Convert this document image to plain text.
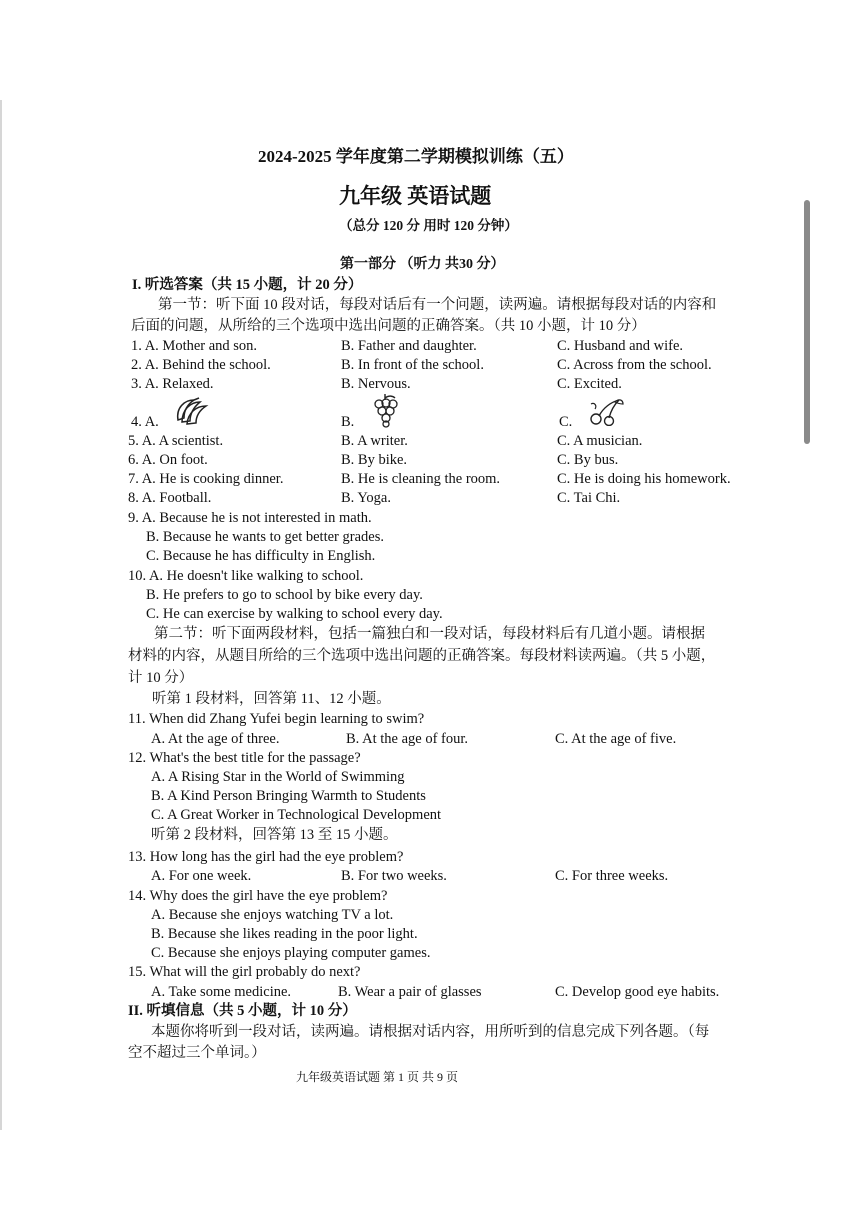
2024-2025 学年度第二学期模拟训练（五）
九年级 英语试题
（总分 120 分 用时 120 分钟）
第一部分 （听力 共30 分）
I. 听选答案（共 15 小题，计 20 分）
第一节：听下面 10 段对话，每段对话后有一个问题，读两遍。请根据每段对话的内容和
后面的问题，从所给的三个选项中选出问题的正确答案。（共 10 小题，计 10 分）
1. A. Mother and son.	B. Father and daughter.	C. Husband and wife.
2. A. Behind the school.	B. In front of the school.	C. Across from the school.
3. A. Relaxed.	B. Nervous.	C. Excited.
4. A.	B.	C.
5. A. A scientist.	B. A writer.	C. A musician.
6. A. On foot.	B. By bike.	C. By bus.
7. A. He is cooking dinner.	B. He is cleaning the room.	C. He is doing his homework.
8. A. Football.	B. Yoga.	C. Tai Chi.
9. A. Because he is not interested in math.
B. Because he wants to get better grades.
C. Because he has difficulty in English.
10. A. He doesn't like walking to school.
B. He prefers to go to school by bike every day.
C. He can exercise by walking to school every day.
第二节：听下面两段材料，包括一篇独白和一段对话，每段材料后有几道小题。请根据
材料的内容，从题目所给的三个选项中选出问题的正确答案。每段材料读两遍。（共 5 小题，
计 10 分）
听第 1 段材料，回答第 11、12 小题。
11. When did Zhang Yufei begin learning to swim?
A. At the age of three.	B. At the age of four.	C. At the age of five.
12. What's the best title for the passage?
A. A Rising Star in the World of Swimming
B. A Kind Person Bringing Warmth to Students
C. A Great Worker in Technological Development
听第 2 段材料，回答第 13 至 15 小题。
13. How long has the girl had the eye problem?
A. For one week.	B. For two weeks.	C. For three weeks.
14. Why does the girl have the eye problem?
A. Because she enjoys watching TV a lot.
B. Because she likes reading in the poor light.
C. Because she enjoys playing computer games.
15. What will the girl probably do next?
A. Take some medicine.	B. Wear a pair of glasses	C. Develop good eye habits.
II. 听填信息（共 5 小题，计 10 分）
本题你将听到一段对话，读两遍。请根据对话内容，用所听到的信息完成下列各题。（每
空不超过三个单词。）
九年级英语试题 第 1 页 共 9 页
